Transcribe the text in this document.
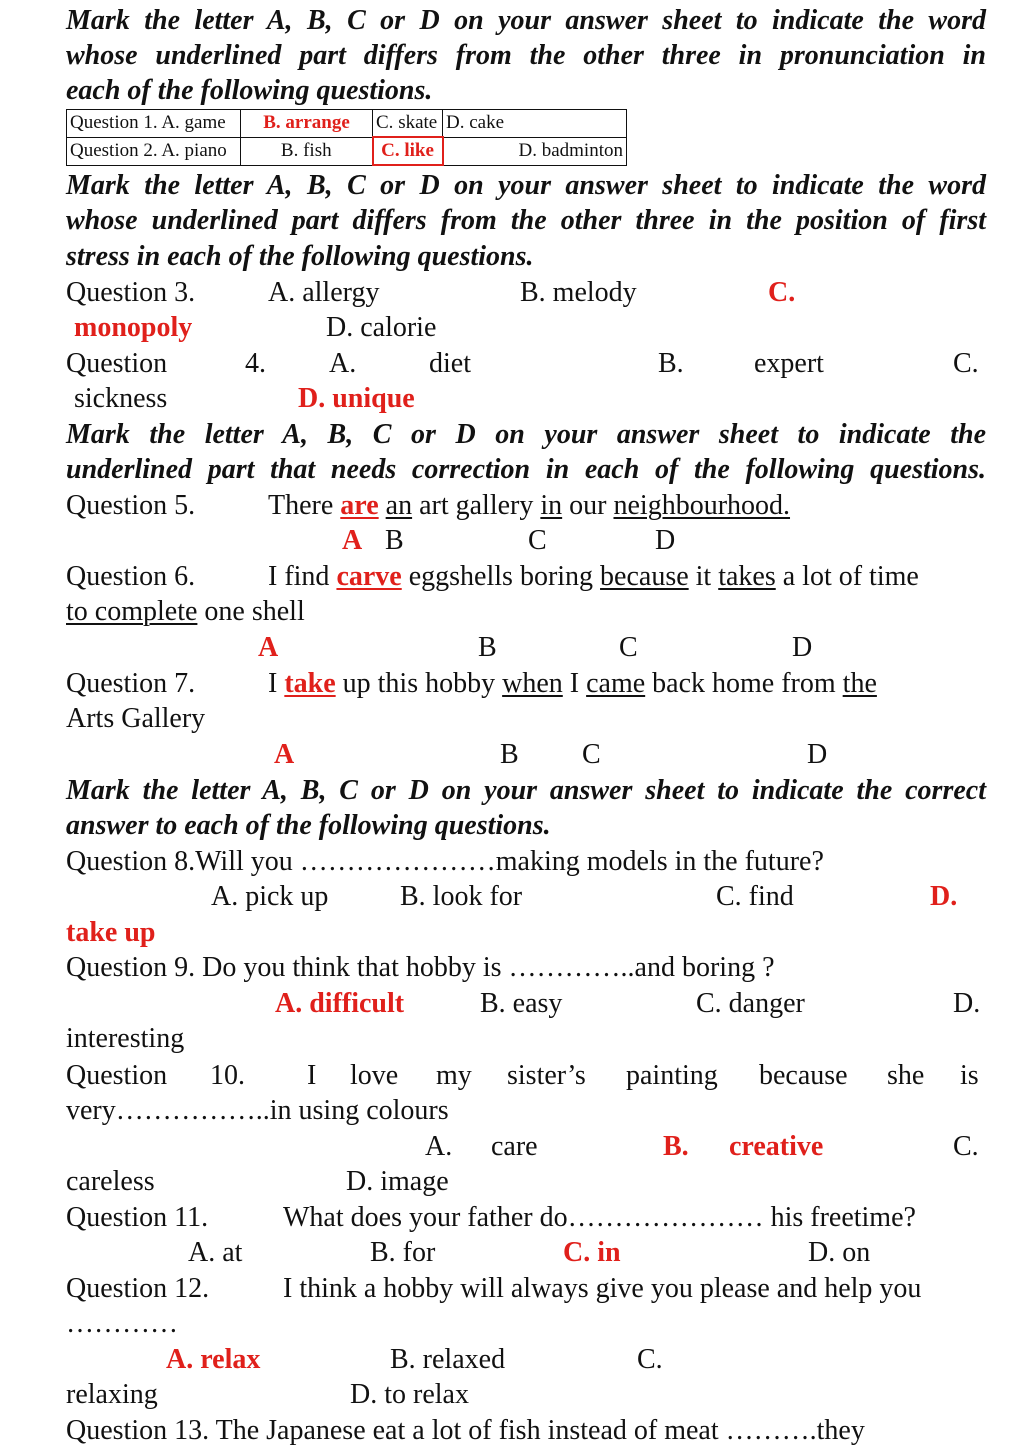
Mark the letter A, B, C or D on your answer sheet to indicate the word
whose underlined part differs from the other three in pronunciation in
each of the following questions.
Question 1. A. game	B. arrange	C. skate	D. cake
Question 2. A. piano	B. fish	C. like	D. badminton
Mark the letter A, B, C or D on your answer sheet to indicate the word
whose underlined part differs from the other three in the position of first
stress in each of the following questions.
Question 3.	A. allergy	B. melody	C.
monopoly	D. calorie
Question	4. A.	diet	B.	expert	C.
sickness	D. unique
Mark the letter A, B, C or D on your answer sheet to indicate the
underlined part that needs correction in each of the following questions.
Question 5.	There are an art gallery in our neighbourhood.
A B	C	D
Question 6.	I find carve eggshells boring because it takes a lot of time
to complete one shell
A	B	C	D
Question 7.	I take up this hobby when I came back home from the
Arts Gallery
A	B C	D
Mark the letter A, B, C or D on your answer sheet to indicate the correct
answer to each of the following questions.
Question 8.Will you …………………making models in the future?
A. pick up	B. look for	C. find	D.
take up
Question 9. Do you think that hobby is …………..and boring ?
A. difficult	B. easy	C. danger	D.
interesting
Question 10. I love my sister’s painting because she is
very……………..in using colours
A. care	B. creative	C.
careless	D. image
Question 11.	What does your father do………………… his freetime?
A. at	B. for	C. in	D. on
Question 12.	I think a hobby will always give you please and help you
…………
A. relax	B. relaxed	C.
relaxing	D. to relax
Question 13. The Japanese eat a lot of fish instead of meat ……….they
